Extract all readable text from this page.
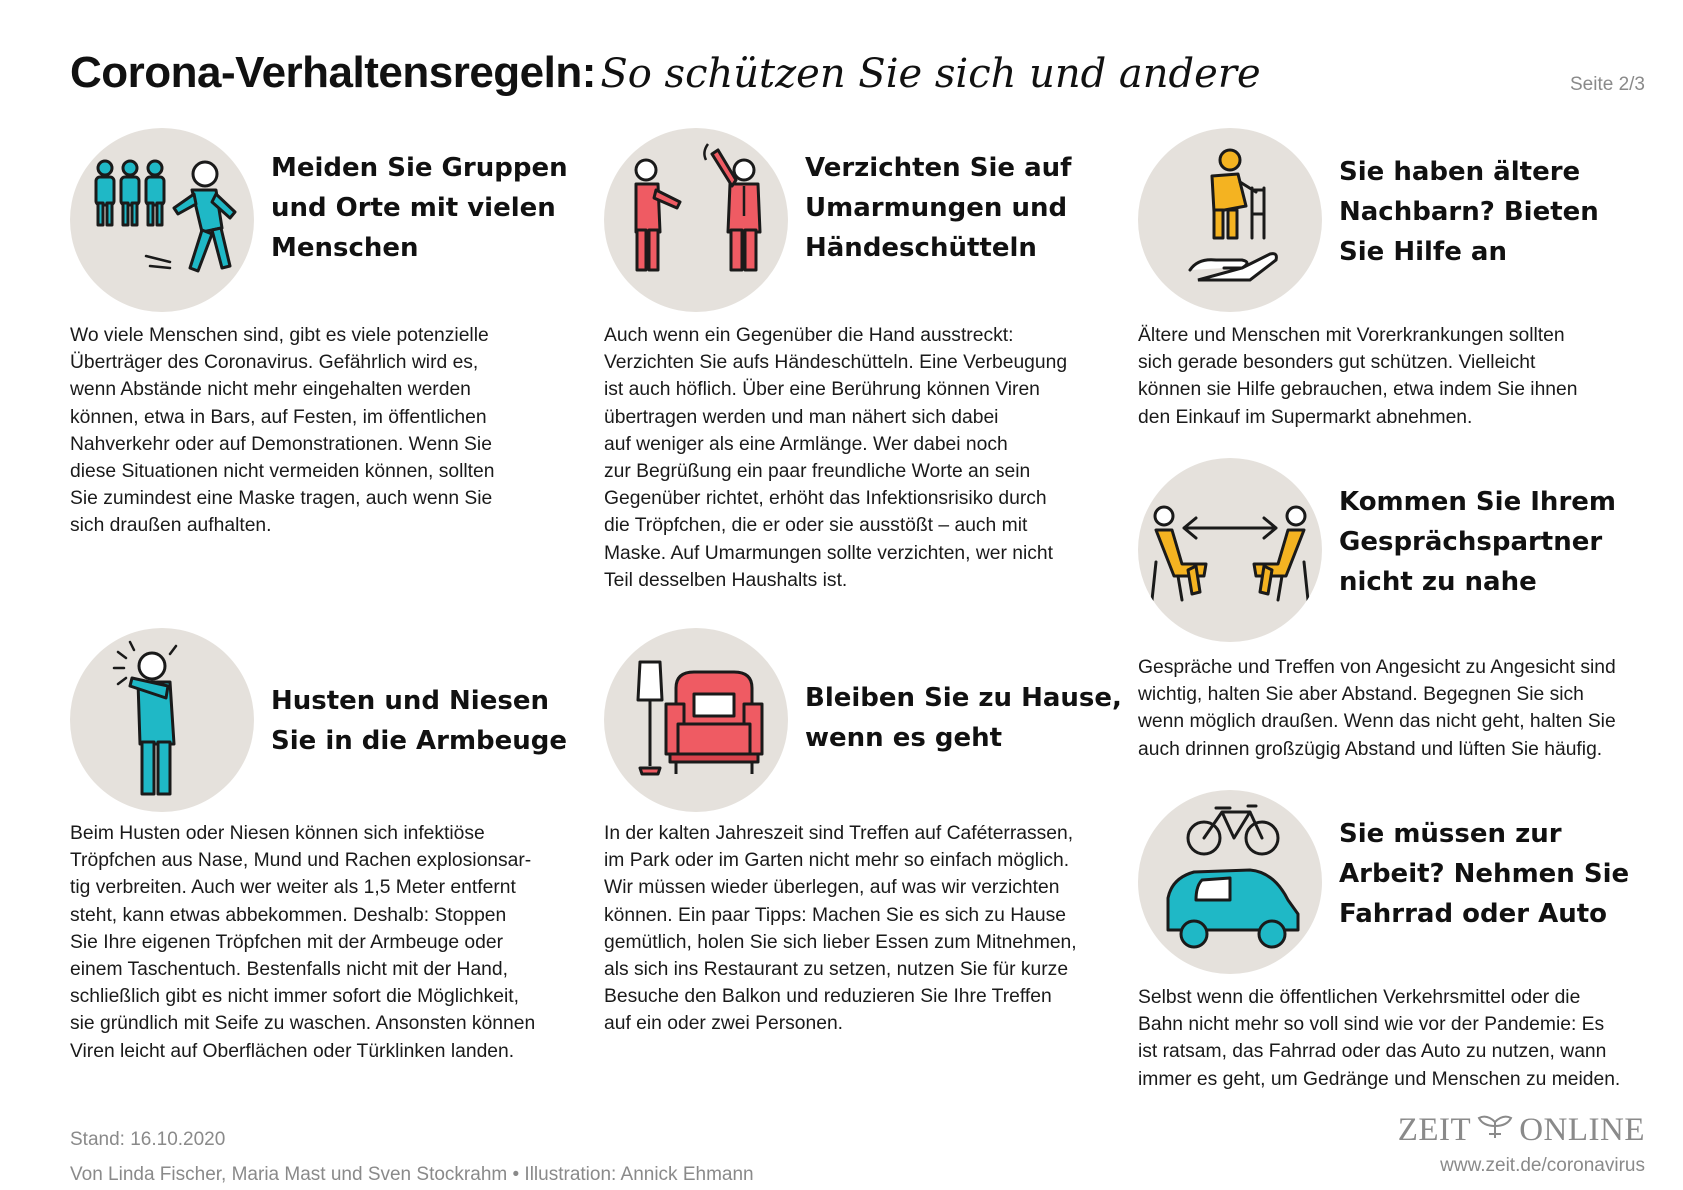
Corona-Verhaltensregeln: So schützen Sie sich und andere	Seite 2/3
Meiden Sie Gruppen
und Orte mit vielen
Menschen
Wo viele Menschen sind, gibt es viele potenzielle
Überträger des Coronavirus. Gefährlich wird es,
wenn Abstände nicht mehr eingehalten werden
können, etwa in Bars, auf Festen, im öffentlichen
Nahverkehr oder auf Demonstrationen. Wenn Sie
diese Situationen nicht vermeiden können, sollten
Sie zumindest eine Maske tragen, auch wenn Sie
sich draußen aufhalten.
Verzichten Sie auf
Umarmungen und
Händeschütteln
Auch wenn ein Gegenüber die Hand ausstreckt:
Verzichten Sie aufs Händeschütteln. Eine Verbeugung
ist auch höflich. Über eine Berührung können Viren
übertragen werden und man nähert sich dabei
auf weniger als eine Armlänge. Wer dabei noch
zur Begrüßung ein paar freundliche Worte an sein
Gegenüber richtet, erhöht das Infektionsrisiko durch
die Tröpfchen, die er oder sie ausstößt – auch mit
Maske. Auf Umarmungen sollte verzichten, wer nicht
Teil desselben Haushalts ist.
Sie haben ältere
Nachbarn? Bieten
Sie Hilfe an
Ältere und Menschen mit Vorerkrankungen sollten
sich gerade besonders gut schützen. Vielleicht
können sie Hilfe gebrauchen, etwa indem Sie ihnen
den Einkauf im Supermarkt abnehmen.
Kommen Sie Ihrem
Gesprächspartner
nicht zu nahe
Gespräche und Treffen von Angesicht zu Angesicht sind
wichtig, halten Sie aber Abstand. Begegnen Sie sich
wenn möglich draußen. Wenn das nicht geht, halten Sie
auch drinnen großzügig Abstand und lüften Sie häufig.
Husten und Niesen
Sie in die Armbeuge
Beim Husten oder Niesen können sich infektiöse
Tröpfchen aus Nase, Mund und Rachen explosionsar-
tig verbreiten. Auch wer weiter als 1,5 Meter entfernt
steht, kann etwas abbekommen. Deshalb: Stoppen
Sie Ihre eigenen Tröpfchen mit der Armbeuge oder
einem Taschentuch. Bestenfalls nicht mit der Hand,
schließlich gibt es nicht immer sofort die Möglichkeit,
sie gründlich mit Seife zu waschen. Ansonsten können
Viren leicht auf Oberflächen oder Türklinken landen.
Bleiben Sie zu Hause,
wenn es geht
In der kalten Jahreszeit sind Treffen auf Caféterrassen,
im Park oder im Garten nicht mehr so einfach möglich.
Wir müssen wieder überlegen, auf was wir verzichten
können. Ein paar Tipps: Machen Sie es sich zu Hause
gemütlich, holen Sie sich lieber Essen zum Mitnehmen,
als sich ins Restaurant zu setzen, nutzen Sie für kurze
Besuche den Balkon und reduzieren Sie Ihre Treffen
auf ein oder zwei Personen.
Sie müssen zur
Arbeit? Nehmen Sie
Fahrrad oder Auto
Selbst wenn die öffentlichen Verkehrsmittel oder die
Bahn nicht mehr so voll sind wie vor der Pandemie: Es
ist ratsam, das Fahrrad oder das Auto zu nutzen, wann
immer es geht, um Gedränge und Menschen zu meiden.
Stand: 16.10.2020
Von Linda Fischer, Maria Mast und Sven Stockrahm • Illustration: Annick Ehmann
ZEIT ONLINE
www.zeit.de/coronavirus
